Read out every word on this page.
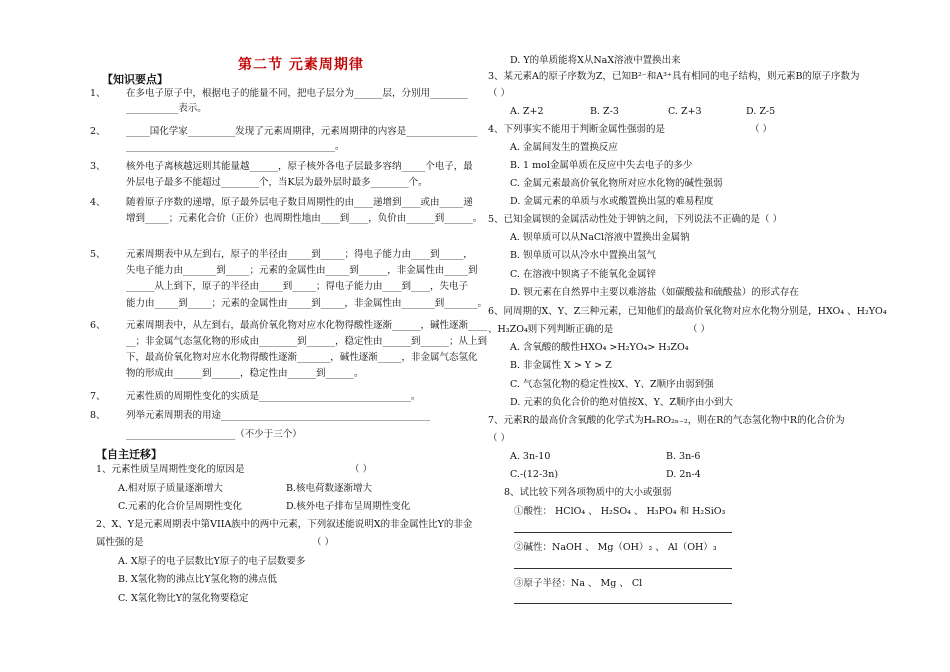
第二节 元素周期律
【知识要点】
1、 在多电子原子中，根据电子的能量不同，把电子层分为______层，分别用________
___________表示。
2、 _____国化学家__________发现了元素周期律，元素周期律的内容是_______________
____________________________________________。
3、 核外电子离核越远则其能量越______，原子核外各电子层最多容纳_____个电子，最
外层电子最多不能超过________个，当K层为最外层时最多________个。
4、 随着原子序数的递增，原子最外层电子数目周期性的由____递增到____或由_____递
增到_____；元素化合价（正价）也周期性地由____到____，负价由______到______。
5、 元素周期表中从左到右，原子的半径由_____到_____；得电子能力由____到_____，
失电子能力由_______到_____；元素的金属性由_____到______，非金属性由_____到
______从上到下，原子的半径由_____到_____；得电子能力由____到____，失电子
能力由_____到_____；元素的金属性由_____到_____，非金属性由_______到_______。
6、 元素周期表中，从左到右，最高价氧化物对应水化物得酸性逐渐______，碱性逐渐____
__；非金属气态氢化物的形成由________到______，稳定性由______到______；从上到
下，最高价氧化物对应水化物得酸性逐渐_______，碱性逐渐_____，非金属气态氢化
物的形成由______到______，稳定性由______到______。
7、 元素性质的周期性变化的实质是________________________________。
8、 列举元素周期表的用途____________________________________________
_______________________（不少于三个）
【自主迁移】
1、元素性质呈周期性变化的原因是	（ ）
A.相对原子质量逐渐增大	B.核电荷数逐渐增大
C.元素的化合价呈周期性变化	D.核外电子排布呈周期性变化
2、X、Y是元素周期表中第VIIA族中的两中元素，下列叙述能说明X的非金属性比Y的非金
属性强的是	（ ）
A. X原子的电子层数比Y原子的电子层数要多
B. X氢化物的沸点比Y氢化物的沸点低
C. X氢化物比Y的氢化物要稳定
D. Y的单质能将X从NaX溶液中置换出来
3、某元素A的原子序数为Z，已知B²⁻和A³⁺具有相同的电子结构，则元素B的原子序数为
（ ）
A. Z+2	B. Z-3	C. Z+3	D. Z-5
4、下列事实不能用于判断金属性强弱的是	（ ）
A. 金属间发生的置换反应
B. 1 mol金属单质在反应中失去电子的多少
C. 金属元素最高价氧化物所对应水化物的碱性强弱
D. 金属元素的单质与水或酸置换出氢的难易程度
5、已知金属钡的金属活动性处于钾钠之间，下列说法不正确的是（ ）
A. 钡单质可以从NaCl溶液中置换出金属钠
B. 钡单质可以从冷水中置换出氢气
C. 在溶液中钡离子不能氧化金属锌
D. 钡元素在自然界中主要以难溶盐（如碳酸盐和硫酸盐）的形式存在
6、同周期的X、Y、Z三种元素，已知他们的最高价氧化物对应水化物分别是，HXO₄ 、H₂YO₄
、H₃ZO₄则下列判断正确的是	（ ）
A. 含氧酸的酸性HXO₄ >H₂YO₄> H₃ZO₄
B. 非金属性 X > Y > Z
C. 气态氢化物的稳定性按X、Y、Z顺序由弱到强
D. 元素的负化合价的绝对值按X、Y、Z顺序由小到大
7、元素R的最高价含氧酸的化学式为HₙRO₂ₙ₋₂，则在R的气态氢化物中R的化合价为
（ ）
A. 3n-10	B. 3n-6
C.-(12-3n)	D. 2n-4
8、试比较下列各项物质中的大小或强弱
①酸性： HClO₄ 、 H₂SO₄ 、 H₃PO₄ 和 H₂SiO₃
②碱性：NaOH 、 Mg（OH）₂ 、 Al（OH）₃
③原子半径：Na 、 Mg 、 Cl
